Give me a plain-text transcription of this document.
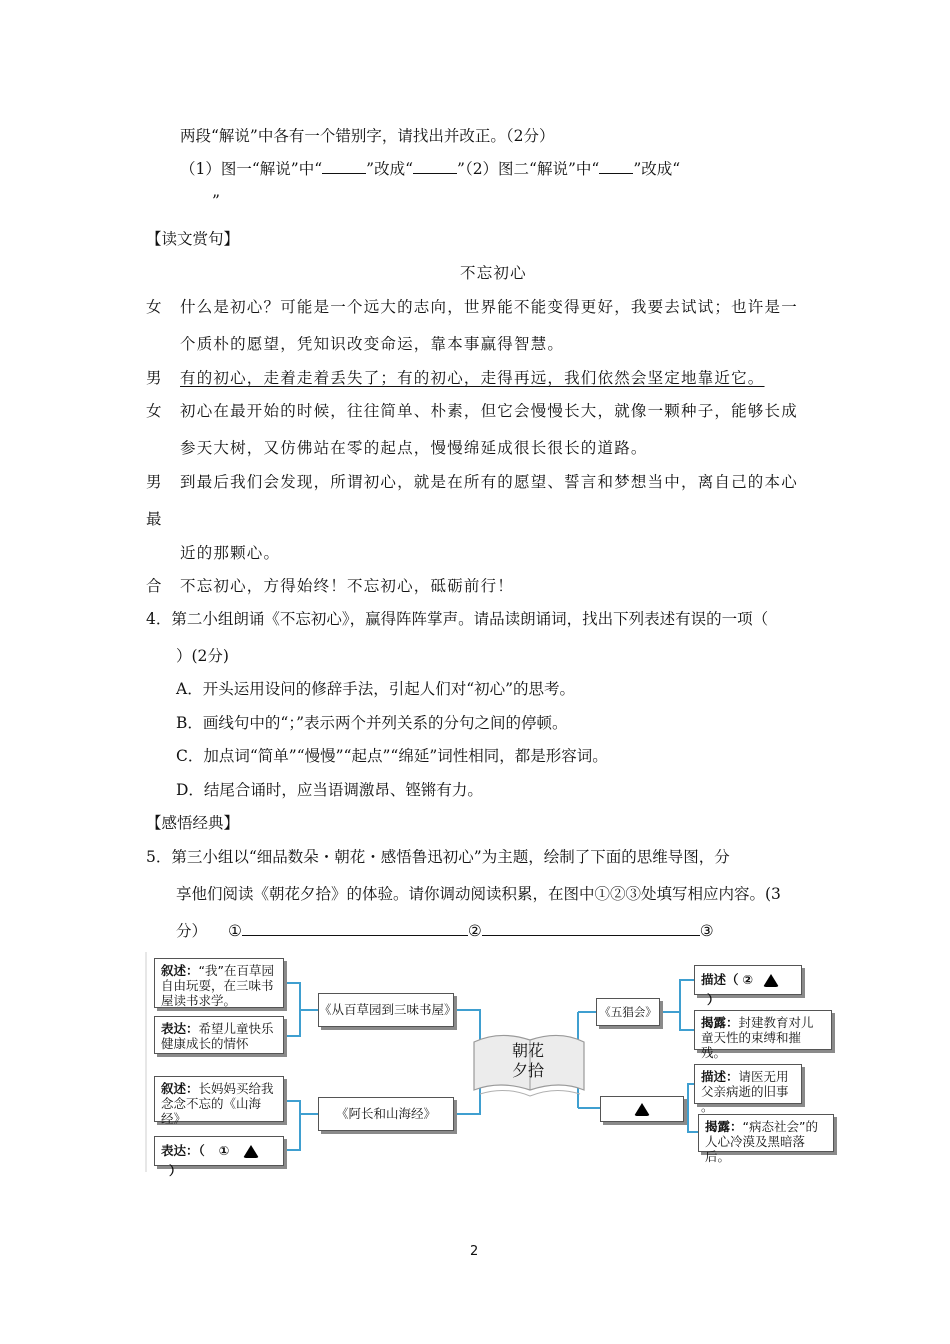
两段“解说”中各有一个错别字，请找出并改正。（2分）
（1）图一“解说”中“	”改成“	”（2）图二“解说”中“ ”改成“
”
【读文赏句】
不忘初心
女 什么是初心？可能是一个远大的志向，世界能不能变得更好，我要去试试；也许是一
个质朴的愿望，凭知识改变命运，靠本事赢得智慧。
男 有的初心，走着走着丢失了；有的初心，走得再远，我们依然会坚定地靠近它。
女 初心在最开始的时候，往往简单、朴素，但它会慢慢长大，就像一颗种子，能够长成
参天大树，又仿佛站在零的起点，慢慢绵延成很长很长的道路。
男 到最后我们会发现，所谓初心，就是在所有的愿望、誓言和梦想当中，离自己的本心
最
近的那颗心。
合 不忘初心，方得始终！不忘初心，砥砺前行！
4．第二小组朗诵《不忘初心》，赢得阵阵掌声。请品读朗诵词，找出下列表述有误的一项（
）(2分)
A．开头运用设问的修辞手法，引起人们对“初心”的思考。
B．画线句中的“；”表示两个并列关系的分句之间的停顿。
C．加点词“简单”“慢慢”“起点”“绵延”词性相同，都是形容词。
D．结尾合诵时，应当语调激昂、铿锵有力。
【感悟经典】
5．第三小组以“细品数朵・朝花・感悟鲁迅初心”为主题，绘制了下面的思维导图，分
享他们阅读《朝花夕拾》的体验。请你调动阅读积累，在图中①②③处填写相应内容。(3
分） ①	②	③
朝花
夕拾
叙述：“我”在百草园自由玩耍，在三味书屋读书求学。
表达：希望儿童快乐健康成长的情怀
叙述：长妈妈买给我念念不忘的《山海经》
表达：（ ①  ）
《从百草园到三味书屋》
《阿长和山海经》
《五猖会》
描述（ ②  ）
揭露：封建教育对儿童天性的束缚和摧残。
描述：请医无用父亲病逝的旧事 。
揭露：“病态社会”的人心冷漠及黑暗落后。
2
